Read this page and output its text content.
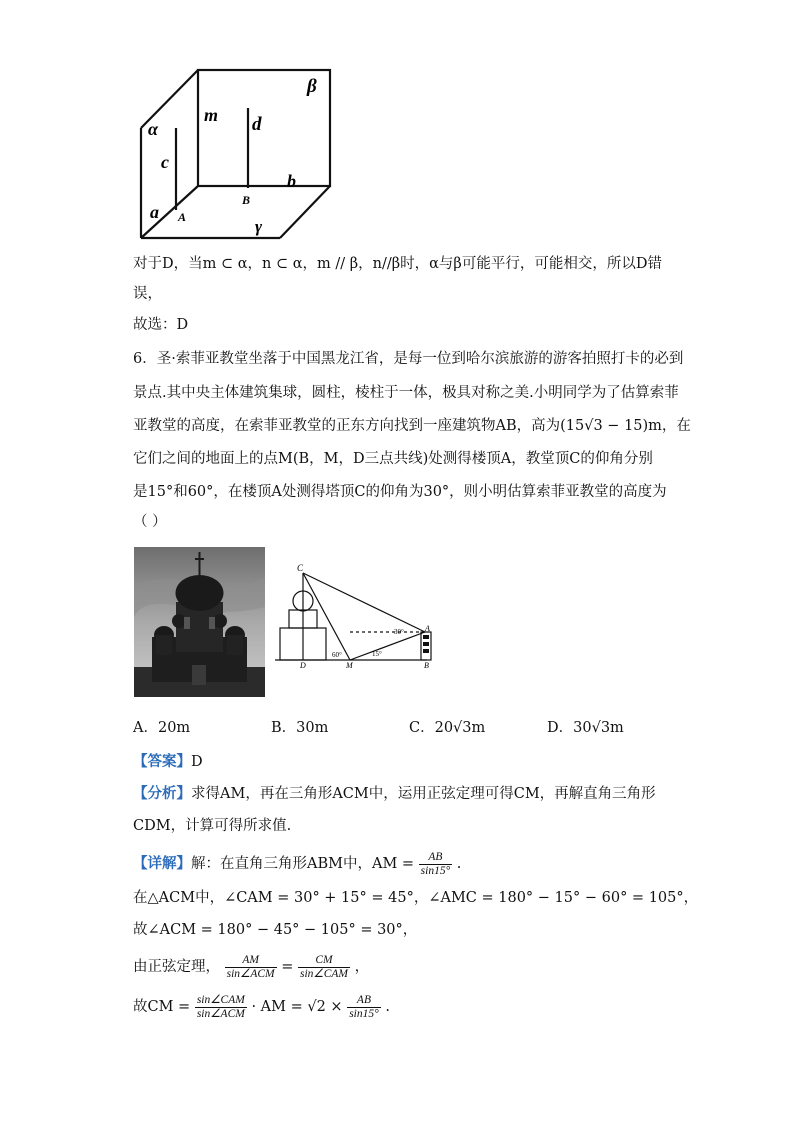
β
α
m d
c
b
a A
B
γ
对于D，当m ⊂ α，n ⊂ α，m // β，n//β时，α与β可能平行，可能相交，所以D错
误，
故选：D
6．圣·索菲亚教堂坐落于中国黑龙江省，是每一位到哈尔滨旅游的游客拍照打卡的必到
景点.其中央主体建筑集球，圆柱，棱柱于一体，极具对称之美.小明同学为了估算索菲
亚教堂的高度，在索菲亚教堂的正东方向找到一座建筑物AB，高为(15√3 − 15)m，在
它们之间的地面上的点M(B，M，D三点共线)处测得楼顶A，教堂顶C的仰角分别
是15°和60°，在楼顶A处测得塔顶C的仰角为30°，则小明估算索菲亚教堂的高度为
（ ）
C
A
B
D	M
30°
60°	15°
A．20m	B．30m	C．20√3m	D．30√3m
【答案】D
【分析】求得AM，再在三角形ACM中，运用正弦定理可得CM，再解直角三角形
CDM，计算可得所求值.
【详解】解：在直角三角形ABM中，AM = $\frac{AB}{\sin 15^\circ}$ .
在△ACM中，∠CAM = 30° + 15° = 45°，∠AMC = 180° − 15° − 60° = 105°，
故∠ACM = 180° − 45° − 105° = 30°，
由正弦定理， $\frac{AM}{\text{sin∠ACM}} = \frac{CM}{\text{sin∠CAM}}$ ，
故CM = $\frac{\text{sin∠CAM}}{\text{sin∠ACM}}$ · AM = $√2 \times \frac{AB}{\sin 15^\circ}$ .
